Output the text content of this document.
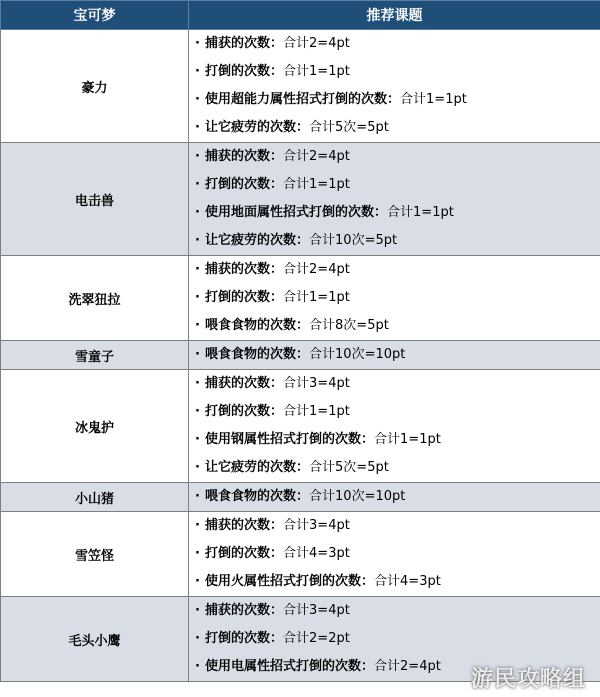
宝可梦	推荐课题
豪力	· 捕获的次数：合计2=4pt
· 打倒的次数：合计1=1pt
· 使用超能力属性招式打倒的次数：合计1=1pt
· 让它疲劳的次数：合计5次=5pt

电击兽	· 捕获的次数：合计2=4pt
· 打倒的次数：合计1=1pt
· 使用地面属性招式打倒的次数：合计1=1pt
· 让它疲劳的次数：合计10次=5pt

洗翠狃拉	· 捕获的次数：合计2=4pt
· 打倒的次数：合计1=1pt
· 喂食食物的次数：合计8次=5pt

雪童子	· 喂食食物的次数：合计10次=10pt

冰鬼护	· 捕获的次数：合计3=4pt
· 打倒的次数：合计1=1pt
· 使用钢属性招式打倒的次数：合计1=1pt
· 让它疲劳的次数：合计5次=5pt

小山猪	· 喂食食物的次数：合计10次=10pt

雪笠怪	· 捕获的次数：合计3=4pt
· 打倒的次数：合计4=3pt
· 使用火属性招式打倒的次数：合计4=3pt

毛头小鹰	· 捕获的次数：合计3=4pt
· 打倒的次数：合计2=2pt
· 使用电属性招式打倒的次数：合计2=4pt
游民攻略组
